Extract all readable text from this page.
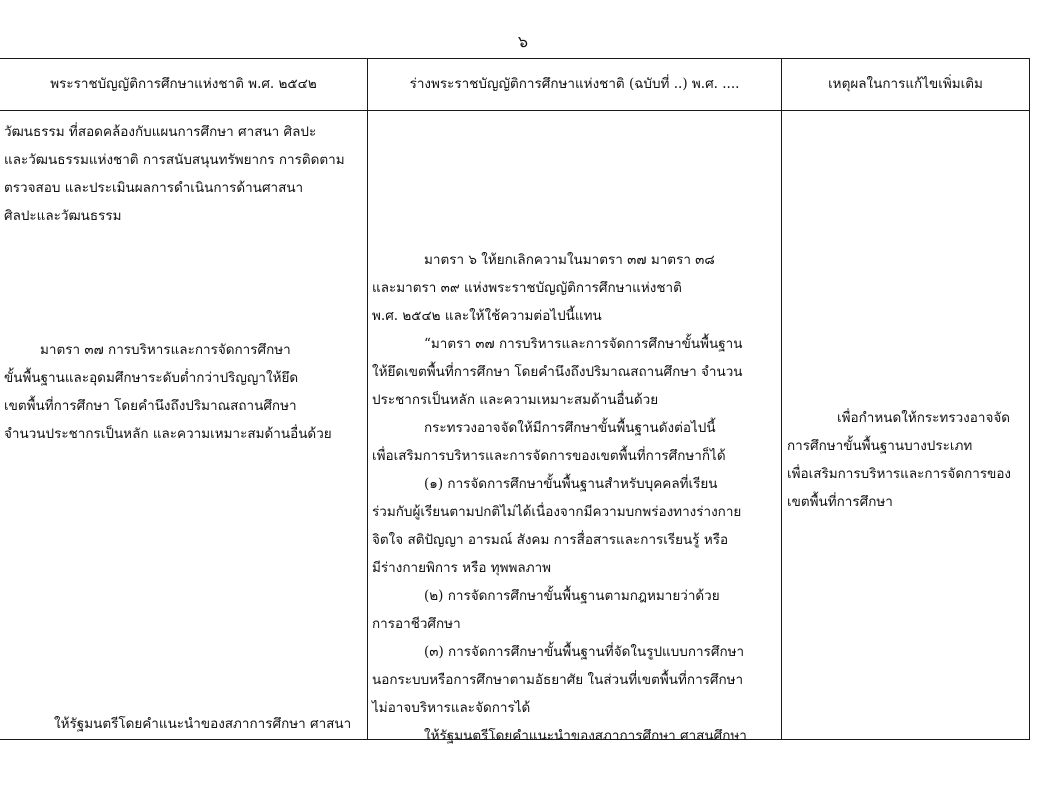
๖
พระราชบัญญัติการศึกษาแห่งชาติ พ.ศ. ๒๕๔๒	ร่างพระราชบัญญัติการศึกษาแห่งชาติ (ฉบับที่ ..) พ.ศ. ....	เหตุผลในการแก้ไขเพิ่มเติม

วัฒนธรรม ที่สอดคล้องกับแผนการศึกษา ศาสนา ศิลปะ

และวัฒนธรรมแห่งชาติ การสนับสนุนทรัพยากร การติดตาม

ตรวจสอบ และประเมินผลการดำเนินการด้านศาสนา

ศิลปะและวัฒนธรรม

มาตรา ๓๗ การบริหารและการจัดการศึกษา

ขั้นพื้นฐานและอุดมศึกษาระดับต่ำกว่าปริญญาให้ยึด

เขตพื้นที่การศึกษา โดยคำนึงถึงปริมาณสถานศึกษา

จำนวนประชากรเป็นหลัก และความเหมาะสมด้านอื่นด้วย

ให้รัฐมนตรีโดยคำแนะนำของสภาการศึกษา ศาสนา

มาตรา ๖ ให้ยกเลิกความในมาตรา ๓๗ มาตรา ๓๘

และมาตรา ๓๙ แห่งพระราชบัญญัติการศึกษาแห่งชาติ

พ.ศ. ๒๕๔๒ และให้ใช้ความต่อไปนี้แทน

“มาตรา ๓๗ การบริหารและการจัดการศึกษาขั้นพื้นฐาน

ให้ยึดเขตพื้นที่การศึกษา โดยคำนึงถึงปริมาณสถานศึกษา จำนวน

ประชากรเป็นหลัก และความเหมาะสมด้านอื่นด้วย

กระทรวงอาจจัดให้มีการศึกษาขั้นพื้นฐานดังต่อไปนี้

เพื่อเสริมการบริหารและการจัดการของเขตพื้นที่การศึกษาก็ได้

(๑) การจัดการศึกษาขั้นพื้นฐานสำหรับบุคคลที่เรียน

ร่วมกับผู้เรียนตามปกติไม่ได้เนื่องจากมีความบกพร่องทางร่างกาย

จิตใจ สติปัญญา อารมณ์ สังคม การสื่อสารและการเรียนรู้ หรือ

มีร่างกายพิการ หรือ ทุพพลภาพ

(๒) การจัดการศึกษาขั้นพื้นฐานตามกฎหมายว่าด้วย

การอาชีวศึกษา

(๓) การจัดการศึกษาขั้นพื้นฐานที่จัดในรูปแบบการศึกษา

นอกระบบหรือการศึกษาตามอัธยาศัย ในส่วนที่เขตพื้นที่การศึกษา

ไม่อาจบริหารและจัดการได้

ให้รัฐมนตรีโดยคำแนะนำของสภาการศึกษา ศาสนศึกษา

เพื่อกำหนดให้กระทรวงอาจจัด

การศึกษาขั้นพื้นฐานบางประเภท

เพื่อเสริมการบริหารและการจัดการของ

เขตพื้นที่การศึกษา
